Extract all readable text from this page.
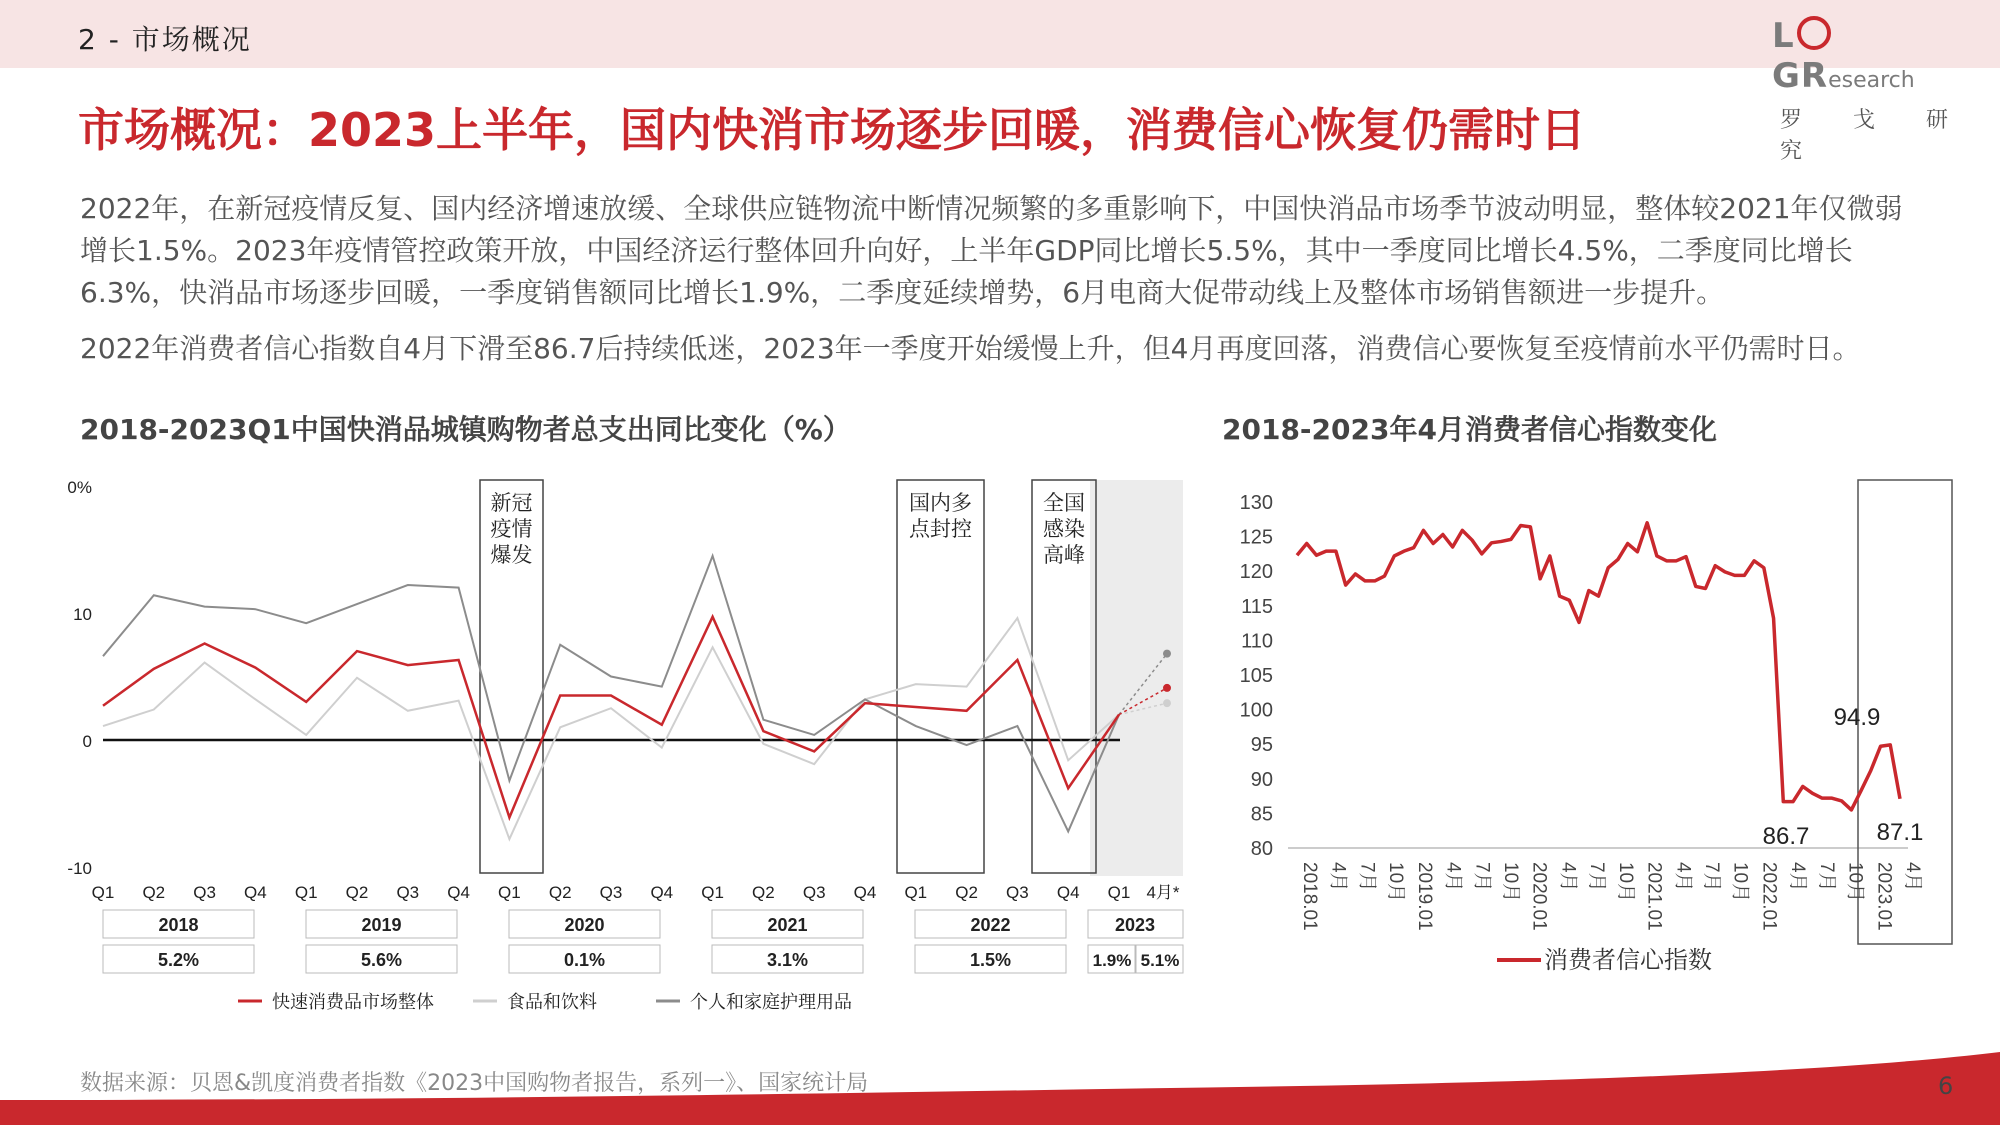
2 - 市场概况	LGResearch
罗 戈 研 究
市场概况：2023上半年，国内快消市场逐步回暖，消费信心恢复仍需时日
2022年，在新冠疫情反复、国内经济增速放缓、全球供应链物流中断情况频繁的多重影响下，中国快消品市场季节波动明显，整体较2021年仅微弱增长1.5%。2023年疫情管控政策开放，中国经济运行整体回升向好，上半年GDP同比增长5.5%，其中一季度同比增长4.5%，二季度同比增长6.3%，快消品市场逐步回暖，一季度销售额同比增长1.9%，二季度延续增势，6月电商大促带动线上及整体市场销售额进一步提升。
2022年消费者信心指数自4月下滑至86.7后持续低迷，2023年一季度开始缓慢上升，但4月再度回落，消费信心要恢复至疫情前水平仍需时日。
2018-2023Q1中国快消品城镇购物者总支出同比变化（%）	2018-2023年4月消费者信心指数变化
新冠
疫情
爆发
国内多
点封控
全国
感染
高峰
0%
10
0
-10
Q1 Q2 Q3 Q4 Q1 Q2 Q3 Q4 Q1 Q2 Q3 Q4 Q1 Q2 Q3 Q4 Q1 Q2 Q3 Q4 Q1 4月*
2018
5.2%
2019
5.6%
2020
0.1%
2021
3.1%
2022
1.5%
2023
1.9% 5.1%
快速消费品市场整体	食品和饮料	个人和家庭护理用品
130
125
120
115
110
105
100
95
90
85
80
2018.01 4月 7月 10月 2019.01 4月 7月 10月 2020.01 4月 7月 10月 2021.01 4月 7月 10月 2022.01 4月 7月 10月 2023.01 4月
94.9
86.7	87.1
消费者信心指数
数据来源：贝恩&凯度消费者指数《2023中国购物者报告，系列一》、国家统计局	6
